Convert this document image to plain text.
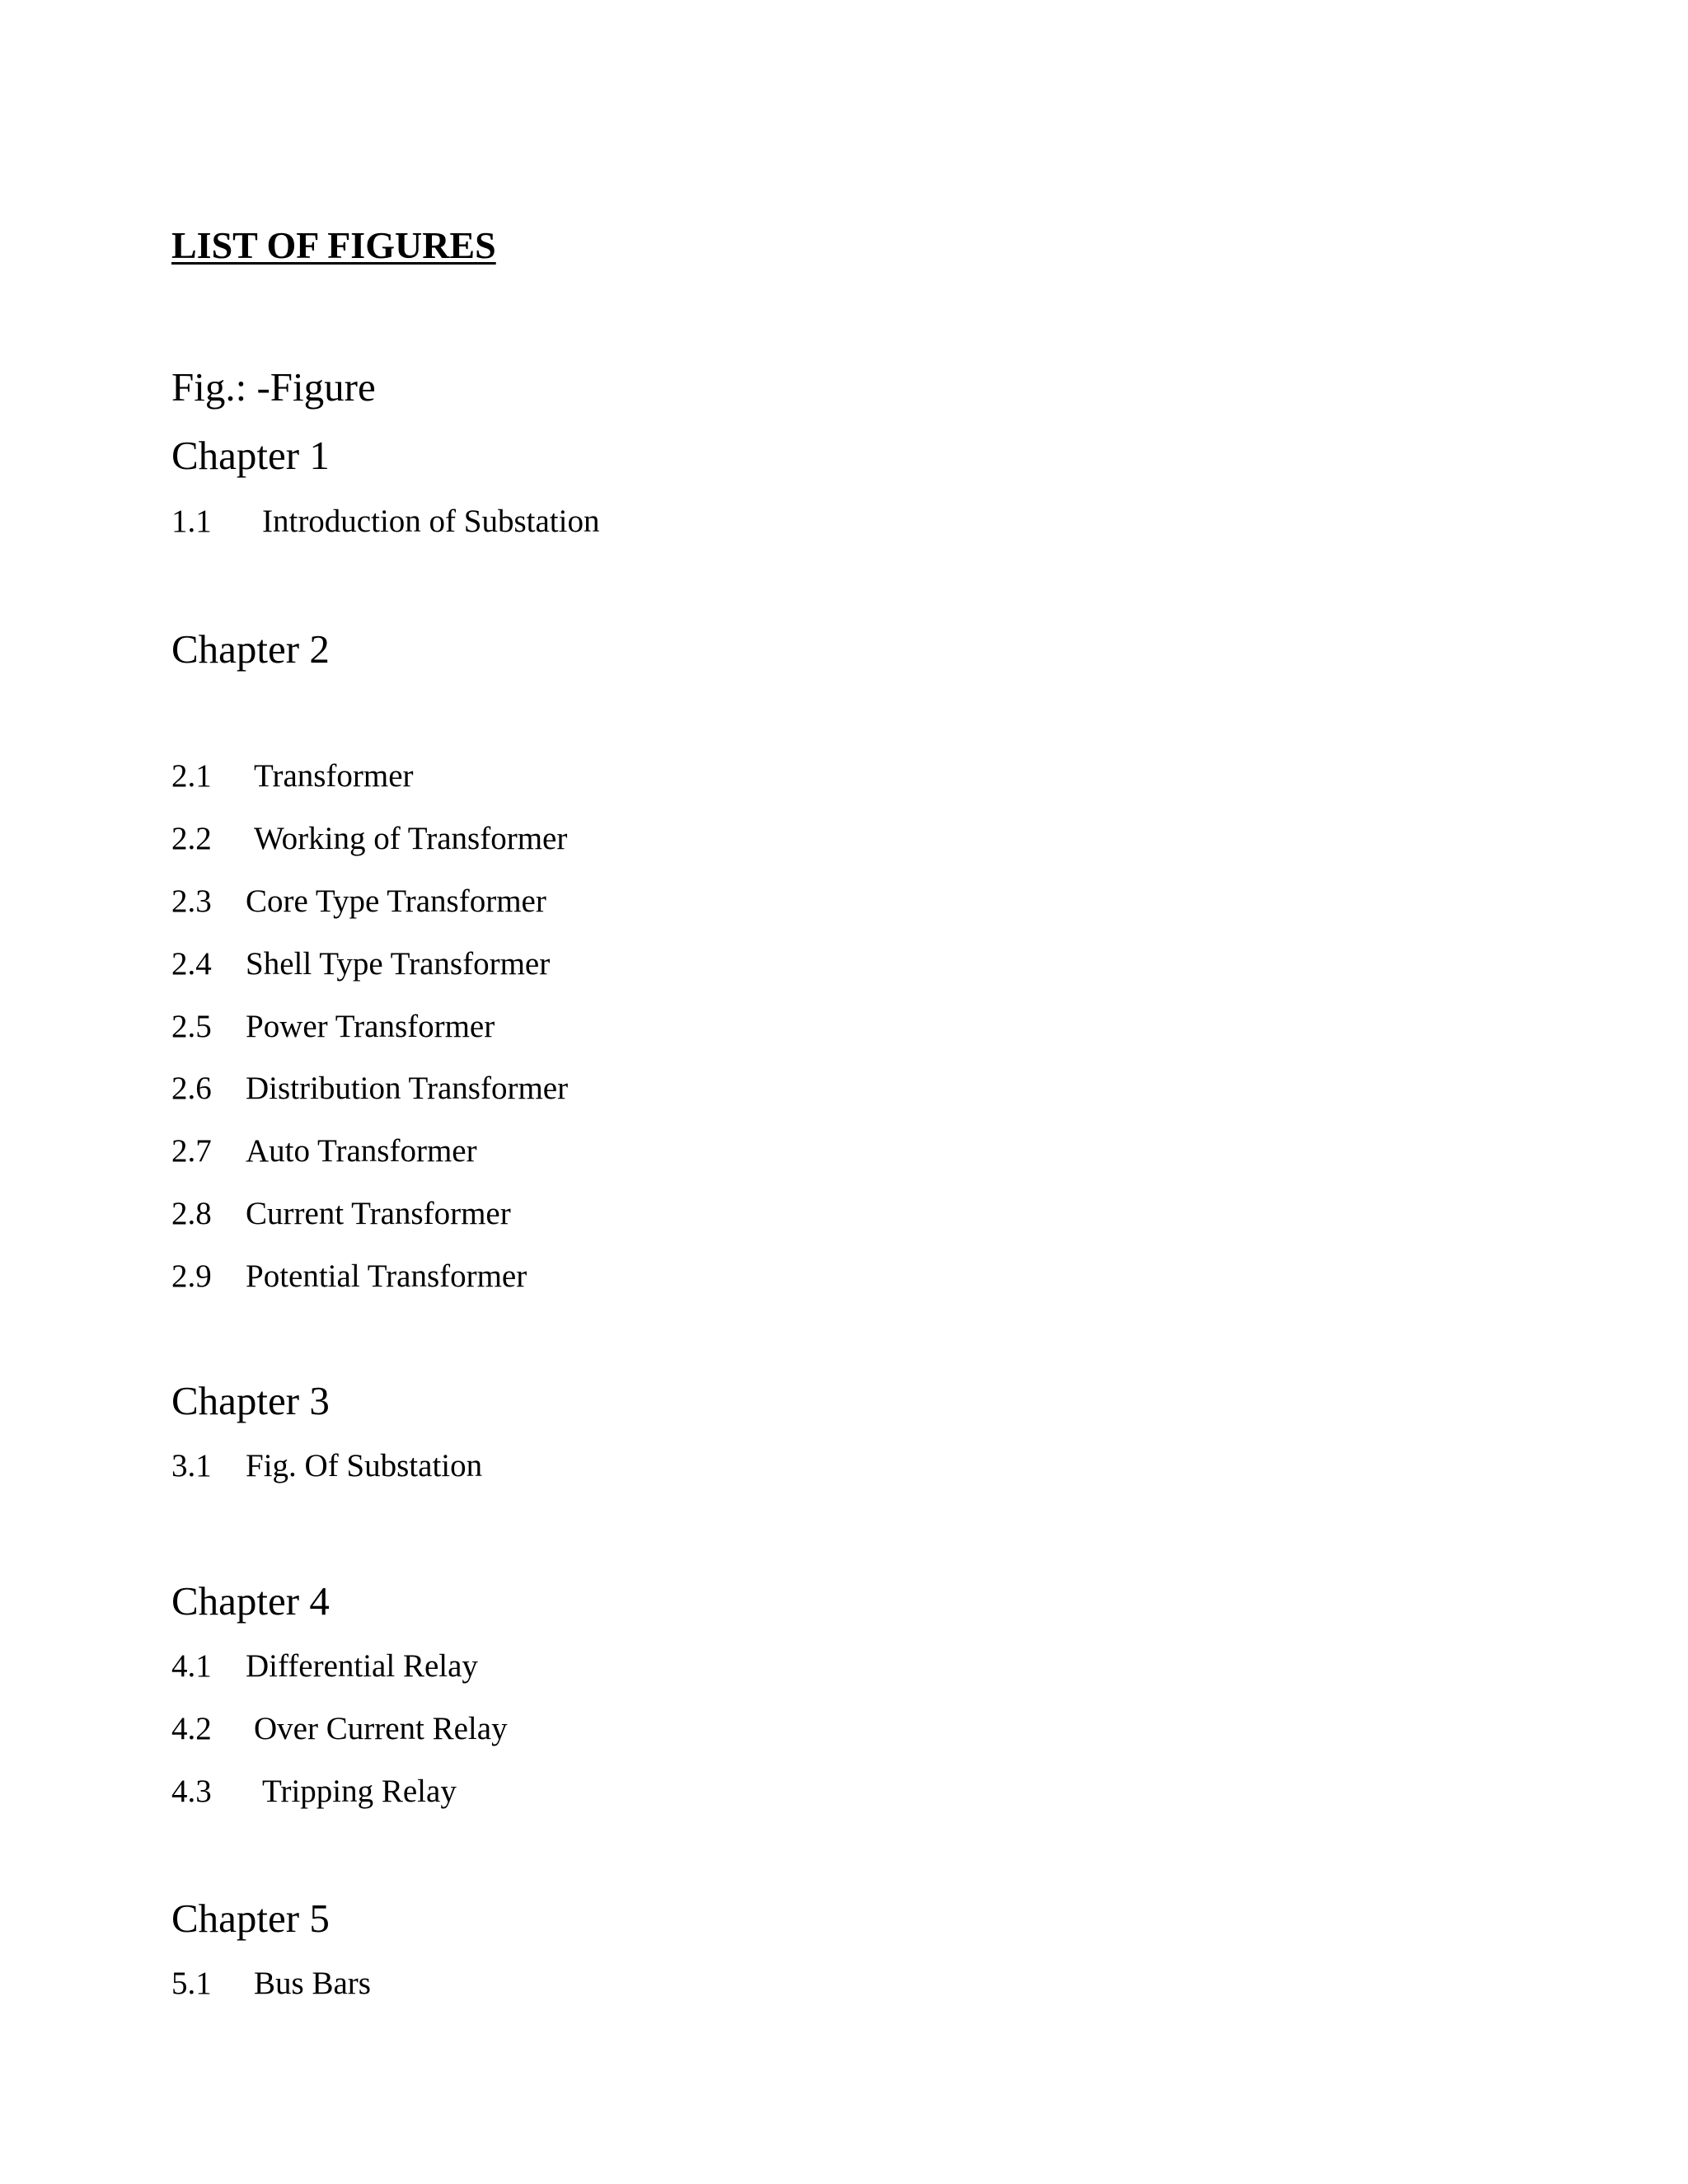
LIST OF FIGURES

Fig.: -Figure

Chapter 1
1.1 Introduction of Substation
Chapter 2
2.1 Transformer
2.2 Working of Transformer
2.3 Core Type Transformer
2.4 Shell Type Transformer
2.5 Power Transformer
2.6 Distribution Transformer
2.7 Auto Transformer
2.8 Current Transformer
2.9 Potential Transformer
Chapter 3
3.1 Fig. Of Substation
Chapter 4
4.1 Differential Relay
4.2 Over Current Relay
4.3 Tripping Relay
Chapter 5
5.1 Bus Bars
